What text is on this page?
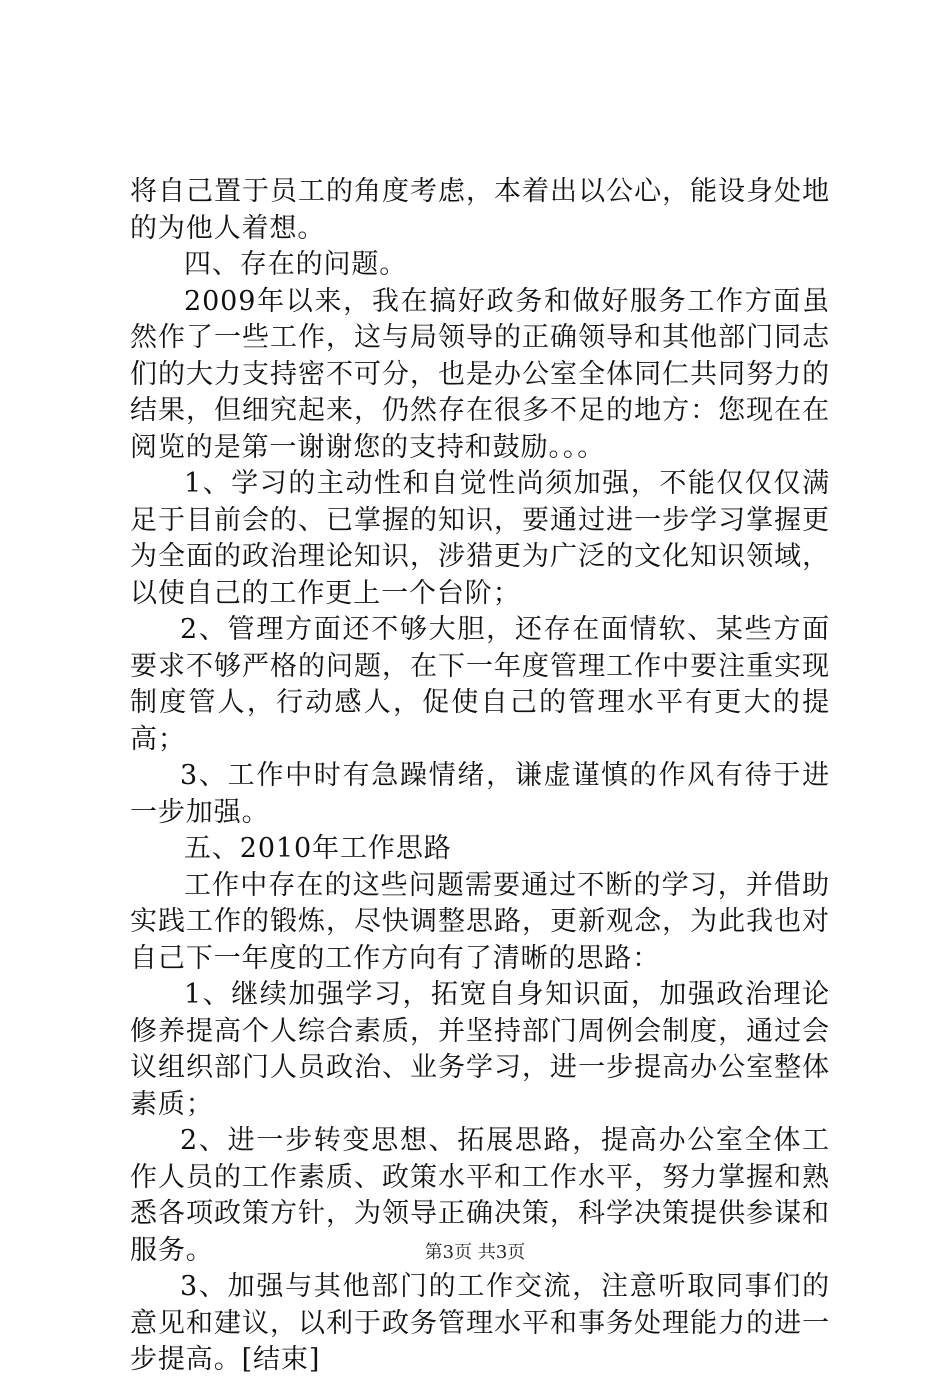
将自己置于员工的角度考虑，本着出以公心，能设身处地的为他人着想。

四、存在的问题。

2009年以来，我在搞好政务和做好服务工作方面虽然作了一些工作，这与局领导的正确领导和其他部门同志们的大力支持密不可分，也是办公室全体同仁共同努力的结果，但细究起来，仍然存在很多不足的地方：您现在在阅览的是第一谢谢您的支持和鼓励。。。

1、学习的主动性和自觉性尚须加强，不能仅仅仅满足于目前会的、已掌握的知识，要通过进一步学习掌握更为全面的政治理论知识，涉猎更为广泛的文化知识领域，以使自己的工作更上一个台阶；

2、管理方面还不够大胆，还存在面情软、某些方面要求不够严格的问题，在下一年度管理工作中要注重实现制度管人，行动感人，促使自己的管理水平有更大的提高；

3、工作中时有急躁情绪，谦虚谨慎的作风有待于进一步加强。

五、2010年工作思路

工作中存在的这些问题需要通过不断的学习，并借助实践工作的锻炼，尽快调整思路，更新观念，为此我也对自己下一年度的工作方向有了清晰的思路：

1、继续加强学习，拓宽自身知识面，加强政治理论修养提高个人综合素质，并坚持部门周例会制度，通过会议组织部门人员政治、业务学习，进一步提高办公室整体素质；

2、进一步转变思想、拓展思路，提高办公室全体工作人员的工作素质、政策水平和工作水平，努力掌握和熟悉各项政策方针，为领导正确决策，科学决策提供参谋和服务。

3、加强与其他部门的工作交流，注意听取同事们的意见和建议，以利于政务管理水平和事务处理能力的进一步提高。[结束]

第3页 共3页
